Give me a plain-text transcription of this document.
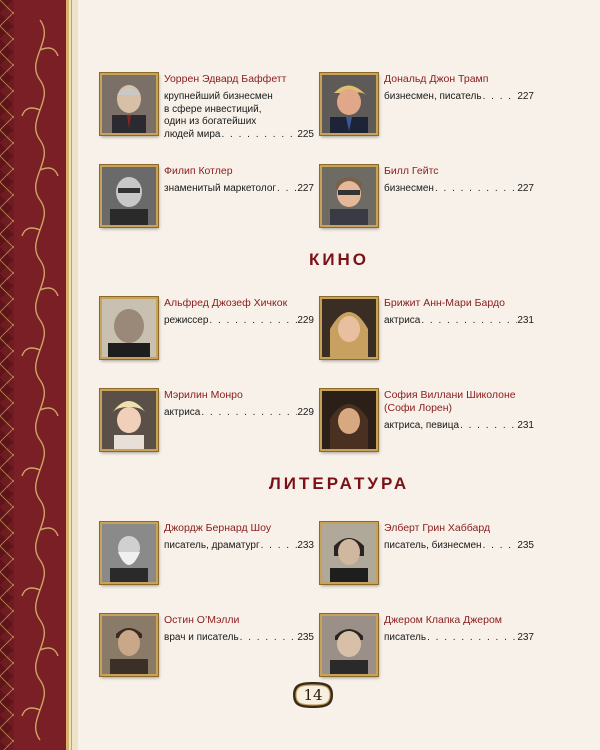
Уоррен Эдвард Баффетт
крупнейший бизнесмен
в сфере инвестиций,
один из богатейших
людей мира . . .	225
Дональд Джон Трамп
бизнесмен, писатель . . .	227
Филип Котлер
знаменитый маркетолог . . . 227
Билл Гейтс
бизнесмен . . .	227
КИНО
Альфред Джозеф Хичкок
режиссер . . .	229
Брижит Анн-Мари Бардо
актриса . . .	231
Мэрилин Монро
актриса . . .	229
София Виллани Шиколоне (Софи Лорен)
актриса, певица . . .	231
ЛИТЕРАТУРА
Джордж Бернард Шоу
писатель, драматург . . .	233
Элберт Грин Хаббард
писатель, бизнесмен . . .	235
Остин О’Мэлли
врач и писатель . . .	235
Джером Клапка Джером
писатель . . .	237
14
